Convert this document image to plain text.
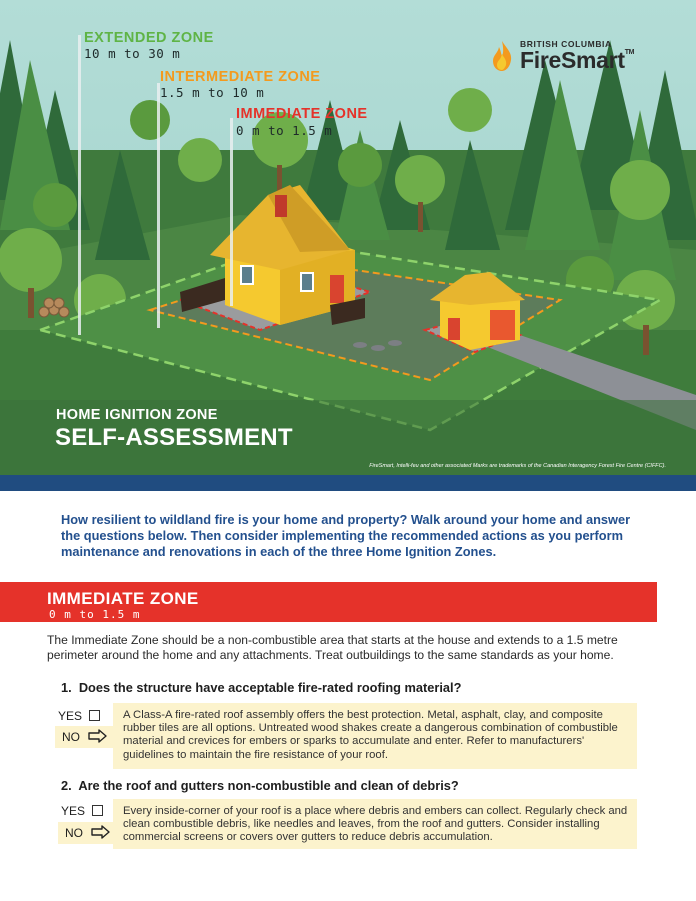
EXTENDED ZONE
10 m to 30 m
INTERMEDIATE ZONE
1.5 m to 10 m
IMMEDIATE ZONE
0 m to 1.5 m
BRITISH COLUMBIA
FireSmart™
HOME IGNITION ZONE
SELF-ASSESSMENT
FireSmart, Intelli-feu and other associated Marks are trademarks of the Canadian Interagency Forest Fire Centre (CIFFC).
How resilient to wildland fire is your home and property? Walk around your home and answer the questions below. Then consider implementing the recommended actions as you perform maintenance and renovations in each of the three Home Ignition Zones.
IMMEDIATE ZONE
0 m to 1.5 m
The Immediate Zone should be a non-combustible area that starts at the house and extends to a 1.5 metre perimeter around the home and any attachments. Treat outbuildings to the same standards as your home.
1. Does the structure have acceptable fire-rated roofing material?
A Class-A fire-rated roof assembly offers the best protection. Metal, asphalt, clay, and composite rubber tiles are all options. Untreated wood shakes create a dangerous combination of combustible material and crevices for embers or sparks to accumulate and enter. Refer to manufacturers' guidelines to maintain the fire resistance of your roof.
YES
NO
2. Are the roof and gutters non-combustible and clean of debris?
Every inside-corner of your roof is a place where debris and embers can collect. Regularly check and clean combustible debris, like needles and leaves, from the roof and gutters. Consider installing commercial screens or covers over gutters to reduce debris accumulation.
YES
NO
